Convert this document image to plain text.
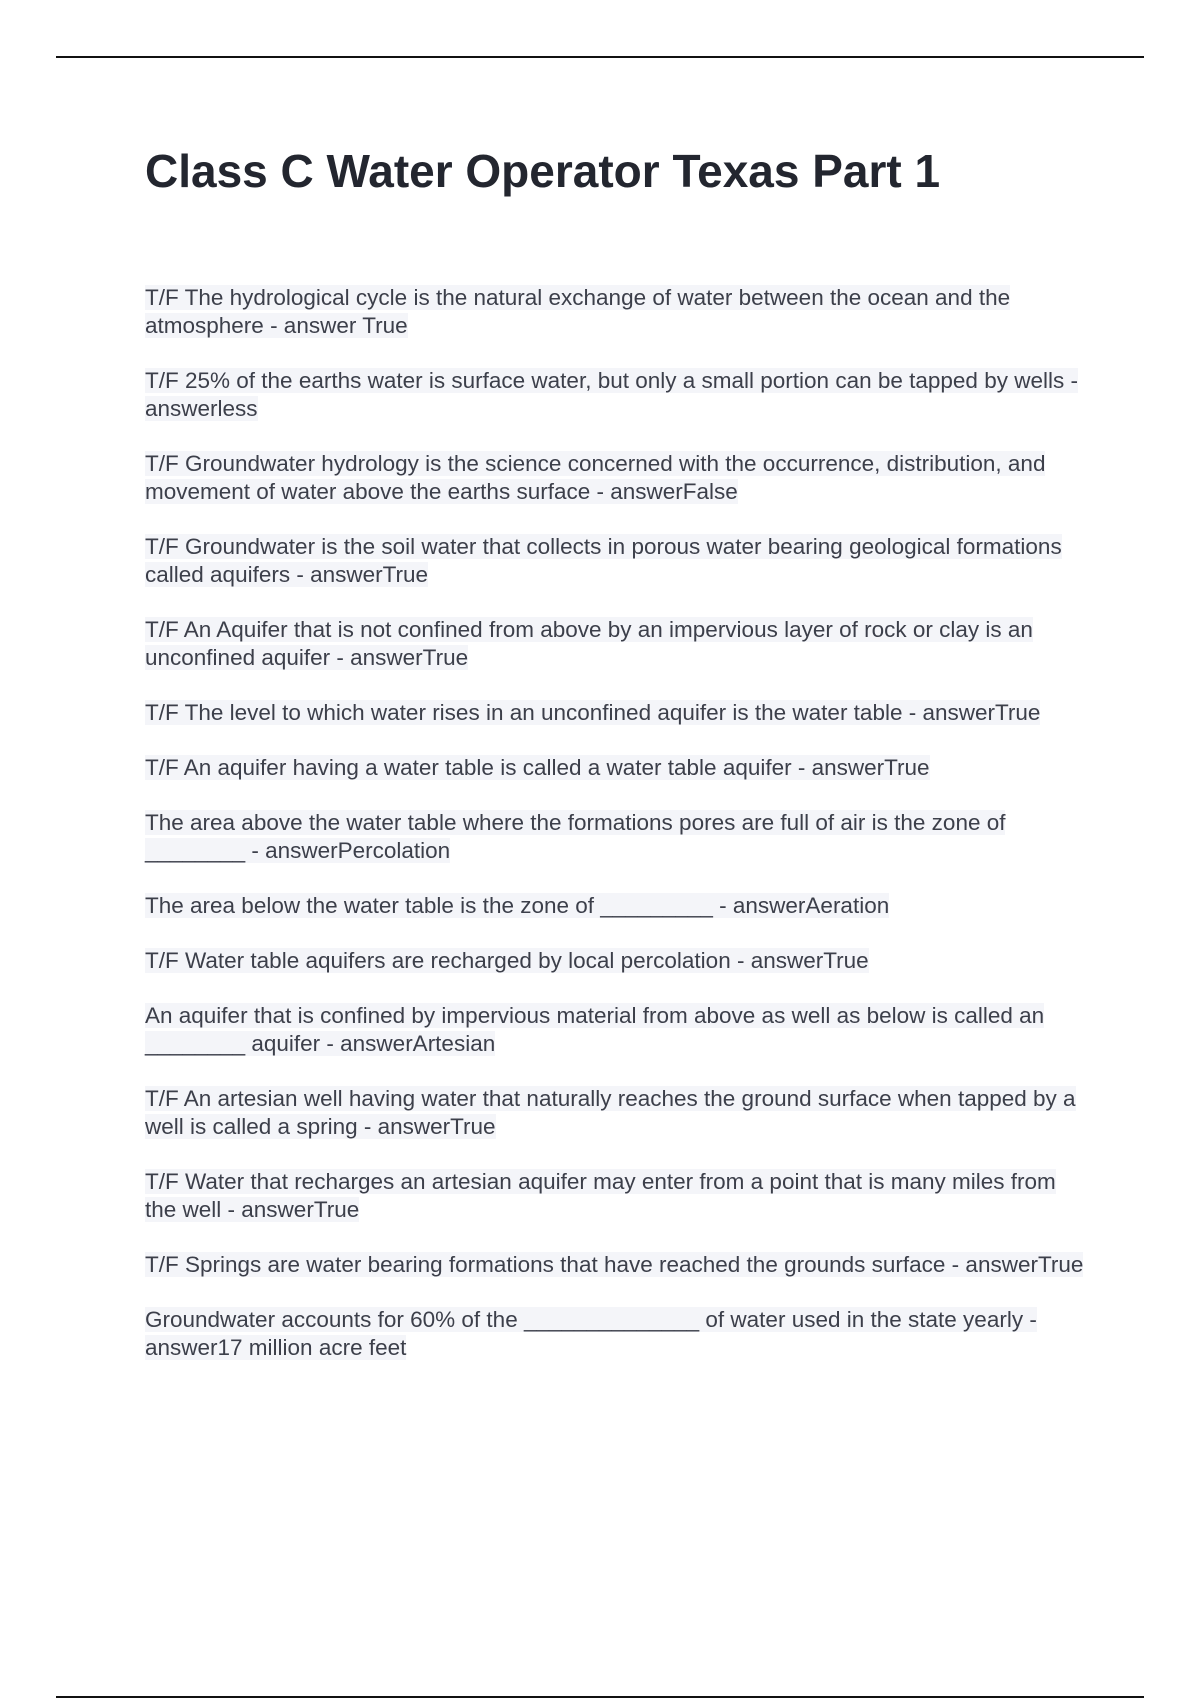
Class C Water Operator Texas Part 1
T/F The hydrological cycle is the natural exchange of water between the ocean and the atmosphere - answer True
T/F 25% of the earths water is surface water, but only a small portion can be tapped by wells - answerless
T/F Groundwater hydrology is the science concerned with the occurrence, distribution, and movement of water above the earths surface - answerFalse
T/F Groundwater is the soil water that collects in porous water bearing geological formations called aquifers - answerTrue
T/F An Aquifer that is not confined from above by an impervious layer of rock or clay is an unconfined aquifer - answerTrue
T/F The level to which water rises in an unconfined aquifer is the water table - answerTrue
T/F An aquifer having a water table is called a water table aquifer - answerTrue
The area above the water table where the formations pores are full of air is the zone of ________ - answerPercolation
The area below the water table is the zone of _________ - answerAeration
T/F Water table aquifers are recharged by local percolation - answerTrue
An aquifer that is confined by impervious material from above as well as below is called an ________ aquifer - answerArtesian
T/F An artesian well having water that naturally reaches the ground surface when tapped by a well is called a spring - answerTrue
T/F Water that recharges an artesian aquifer may enter from a point that is many miles from the well - answerTrue
T/F Springs are water bearing formations that have reached the grounds surface - answerTrue
Groundwater accounts for 60% of the ______________ of water used in the state yearly - answer17 million acre feet
